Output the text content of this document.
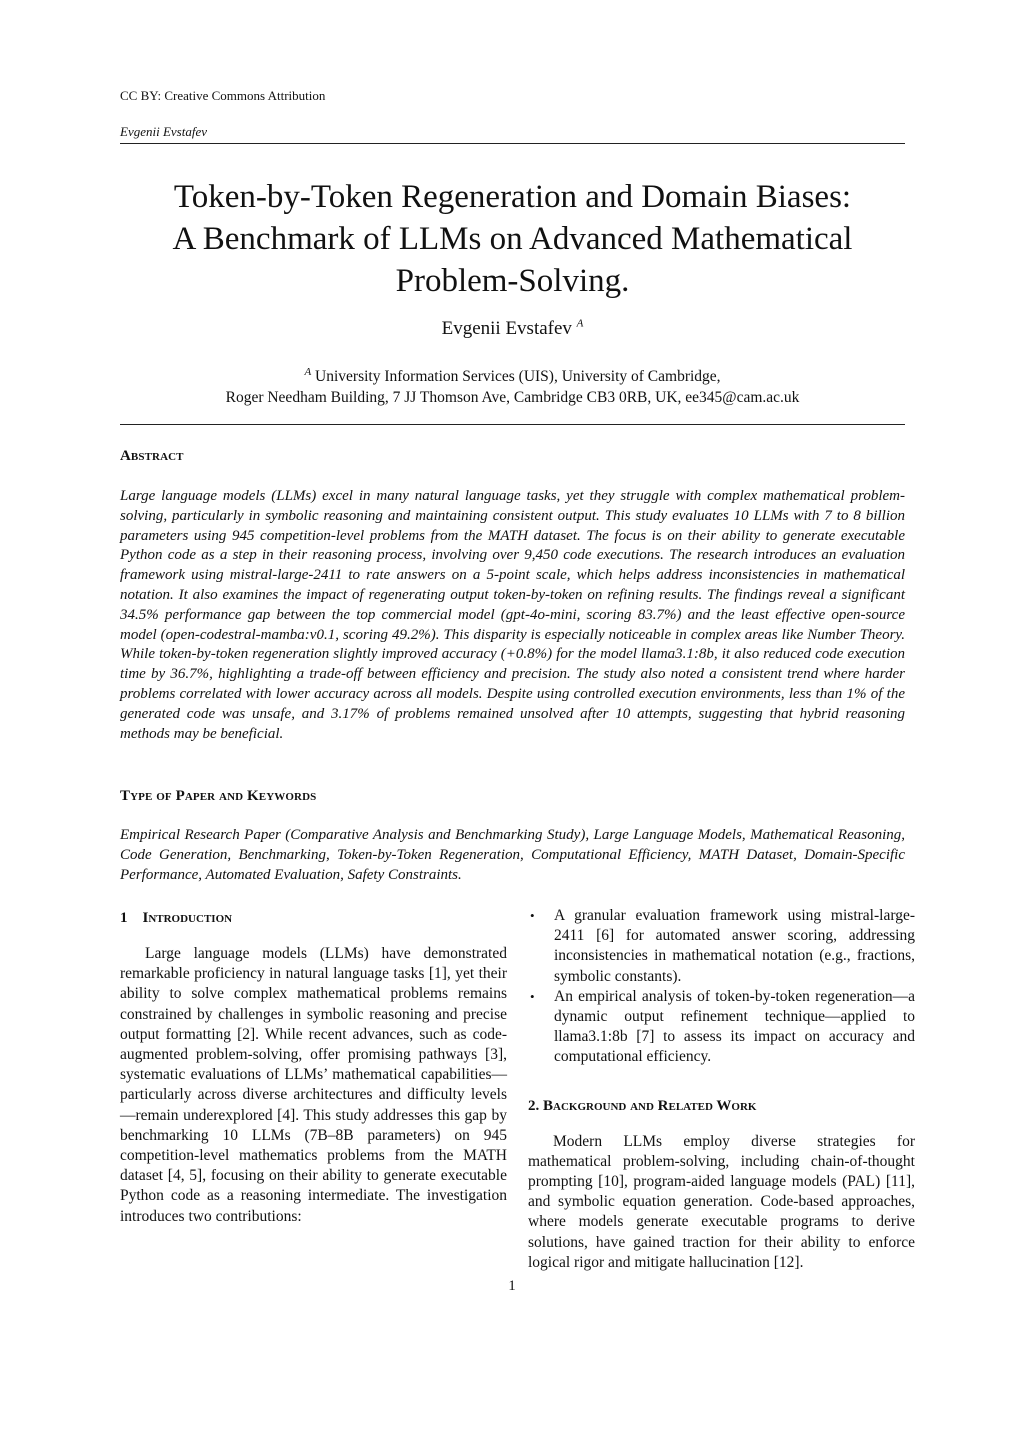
CC BY: Creative Commons Attribution
Evgenii Evstafev
Token-by-Token Regeneration and Domain Biases:
A Benchmark of LLMs on Advanced Mathematical
Problem-Solving.
Evgenii Evstafev $^A$
$^A$ University Information Services (UIS), University of Cambridge,
Roger Needham Building, 7 JJ Thomson Ave, Cambridge CB3 0RB, UK, ee345@cam.ac.uk
Abstract

Large language models (LLMs) excel in many natural language tasks, yet they struggle with complex mathematical problem-solving, particularly in symbolic reasoning and maintaining consistent output. This study evaluates 10 LLMs with 7 to 8 billion parameters using 945 competition-level problems from the MATH dataset. The focus is on their ability to generate executable Python code as a step in their reasoning process, involving over 9,450 code executions. The research introduces an evaluation framework using mistral-large-2411 to rate answers on a 5-point scale, which helps address inconsistencies in mathematical notation. It also examines the impact of regenerating output token-by-token on refining results. The findings reveal a significant 34.5% performance gap between the top commercial model (gpt-4o-mini, scoring 83.7%) and the least effective open-source model (open-codestral-mamba:v0.1, scoring 49.2%). This disparity is especially noticeable in complex areas like Number Theory. While token-by-token regeneration slightly improved accuracy (+0.8%) for the model llama3.1:8b, it also reduced code execution time by 36.7%, highlighting a trade-off between efficiency and precision. The study also noted a consistent trend where harder problems correlated with lower accuracy across all models. Despite using controlled execution environments, less than 1% of the generated code was unsafe, and 3.17% of problems remained unsolved after 10 attempts, suggesting that hybrid reasoning methods may be beneficial.

Type of Paper and Keywords

Empirical Research Paper (Comparative Analysis and Benchmarking Study), Large Language Models, Mathematical Reasoning, Code Generation, Benchmarking, Token-by-Token Regeneration, Computational Efficiency, MATH Dataset, Domain-Specific Performance, Automated Evaluation, Safety Constraints.

1 Introduction

Large language models (LLMs) have demonstrated remarkable proficiency in natural language tasks [1], yet their ability to solve complex mathematical problems remains constrained by challenges in symbolic reasoning and precise output formatting [2]. While recent advances, such as code-augmented problem-solving, offer promising pathways [3], systematic evaluations of LLMs’ mathematical capabilities—particularly across diverse architectures and difficulty levels—remain underexplored [4]. This study addresses this gap by benchmarking 10 LLMs (7B–8B parameters) on 945 competition-level mathematics problems from the MATH dataset [4, 5], focusing on their ability to generate executable Python code as a reasoning intermediate. The investigation introduces two contributions:

• A granular evaluation framework using mistral-large-2411 [6] for automated answer scoring, addressing inconsistencies in mathematical notation (e.g., fractions, symbolic constants).
• An empirical analysis of token-by-token regeneration—a dynamic output refinement technique—applied to llama3.1:8b [7] to assess its impact on accuracy and computational efficiency.
2. Background and Related Work

Modern LLMs employ diverse strategies for mathematical problem-solving, including chain-of-thought prompting [10], program-aided language models (PAL) [11], and symbolic equation generation. Code-based approaches, where models generate executable programs to derive solutions, have gained traction for their ability to enforce logical rigor and mitigate hallucination [12].

1
